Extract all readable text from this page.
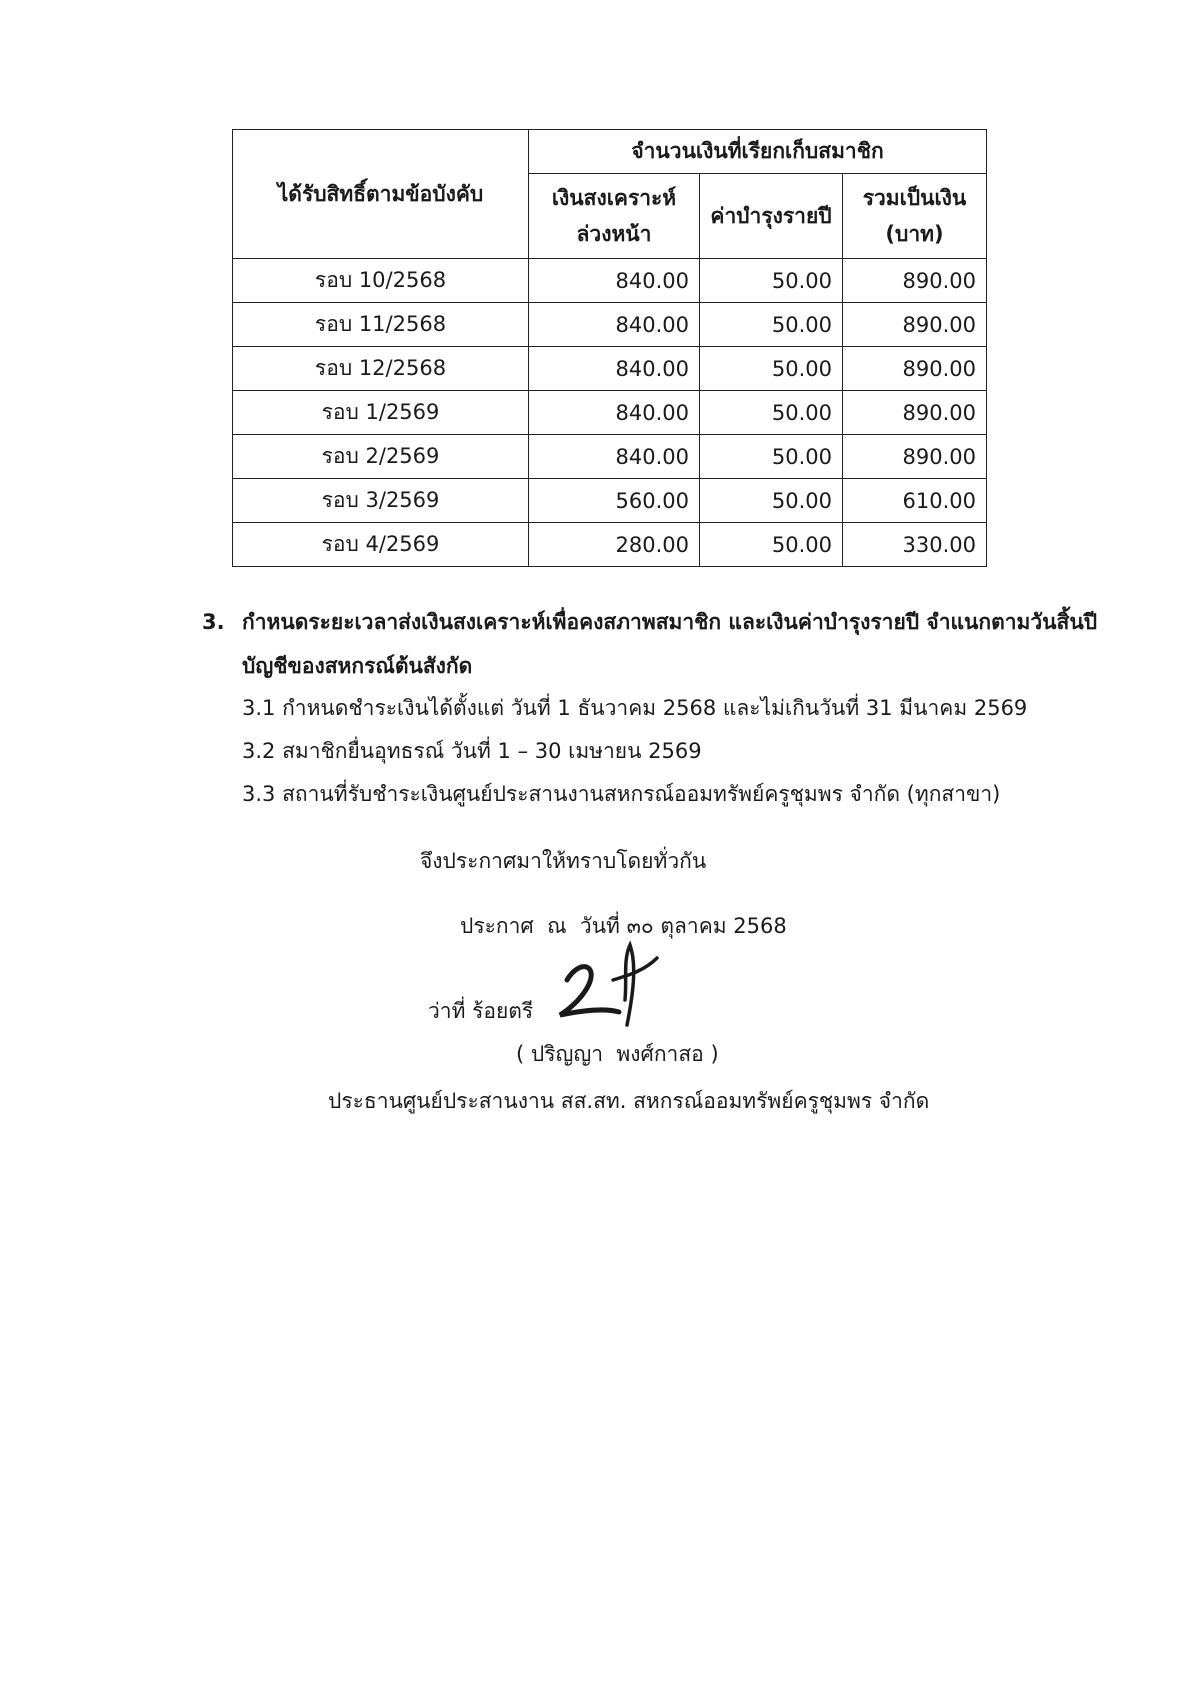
ได้รับสิทธิ์ตามข้อบังคับ	จำนวนเงินที่เรียกเก็บสมาชิก		
	เงินสงเคราะห์ล่วงหน้า	ค่าบำรุงรายปี	รวมเป็นเงิน (บาท)
รอบ 10/2568	840.00	50.00	890.00
รอบ 11/2568	840.00	50.00	890.00
รอบ 12/2568	840.00	50.00	890.00
รอบ 1/2569	840.00	50.00	890.00
รอบ 2/2569	840.00	50.00	890.00
รอบ 3/2569	560.00	50.00	610.00
รอบ 4/2569	280.00	50.00	330.00
3. กำหนดระยะเวลาส่งเงินสงเคราะห์เพื่อคงสภาพสมาชิก และเงินค่าบำรุงรายปี จำแนกตามวันสิ้นปีบัญชีของสหกรณ์ต้นสังกัด
3.1 กำหนดชำระเงินได้ตั้งแต่ วันที่ 1 ธันวาคม 2568 และไม่เกินวันที่ 31 มีนาคม 2569
3.2 สมาชิกยื่นอุทธรณ์ วันที่ 1 – 30 เมษายน 2569
3.3 สถานที่รับชำระเงินศูนย์ประสานงานสหกรณ์ออมทรัพย์ครูชุมพร จำกัด (ทุกสาขา)
จึงประกาศมาให้ทราบโดยทั่วกัน
ประกาศ  ณ  วันที่ ๓๐ ตุลาคม 2568
ว่าที่ ร้อยตรี
( ปริญญา  พงศ์กาสอ )
ประธานศูนย์ประสานงาน สส.สท. สหกรณ์ออมทรัพย์ครูชุมพร จำกัด
